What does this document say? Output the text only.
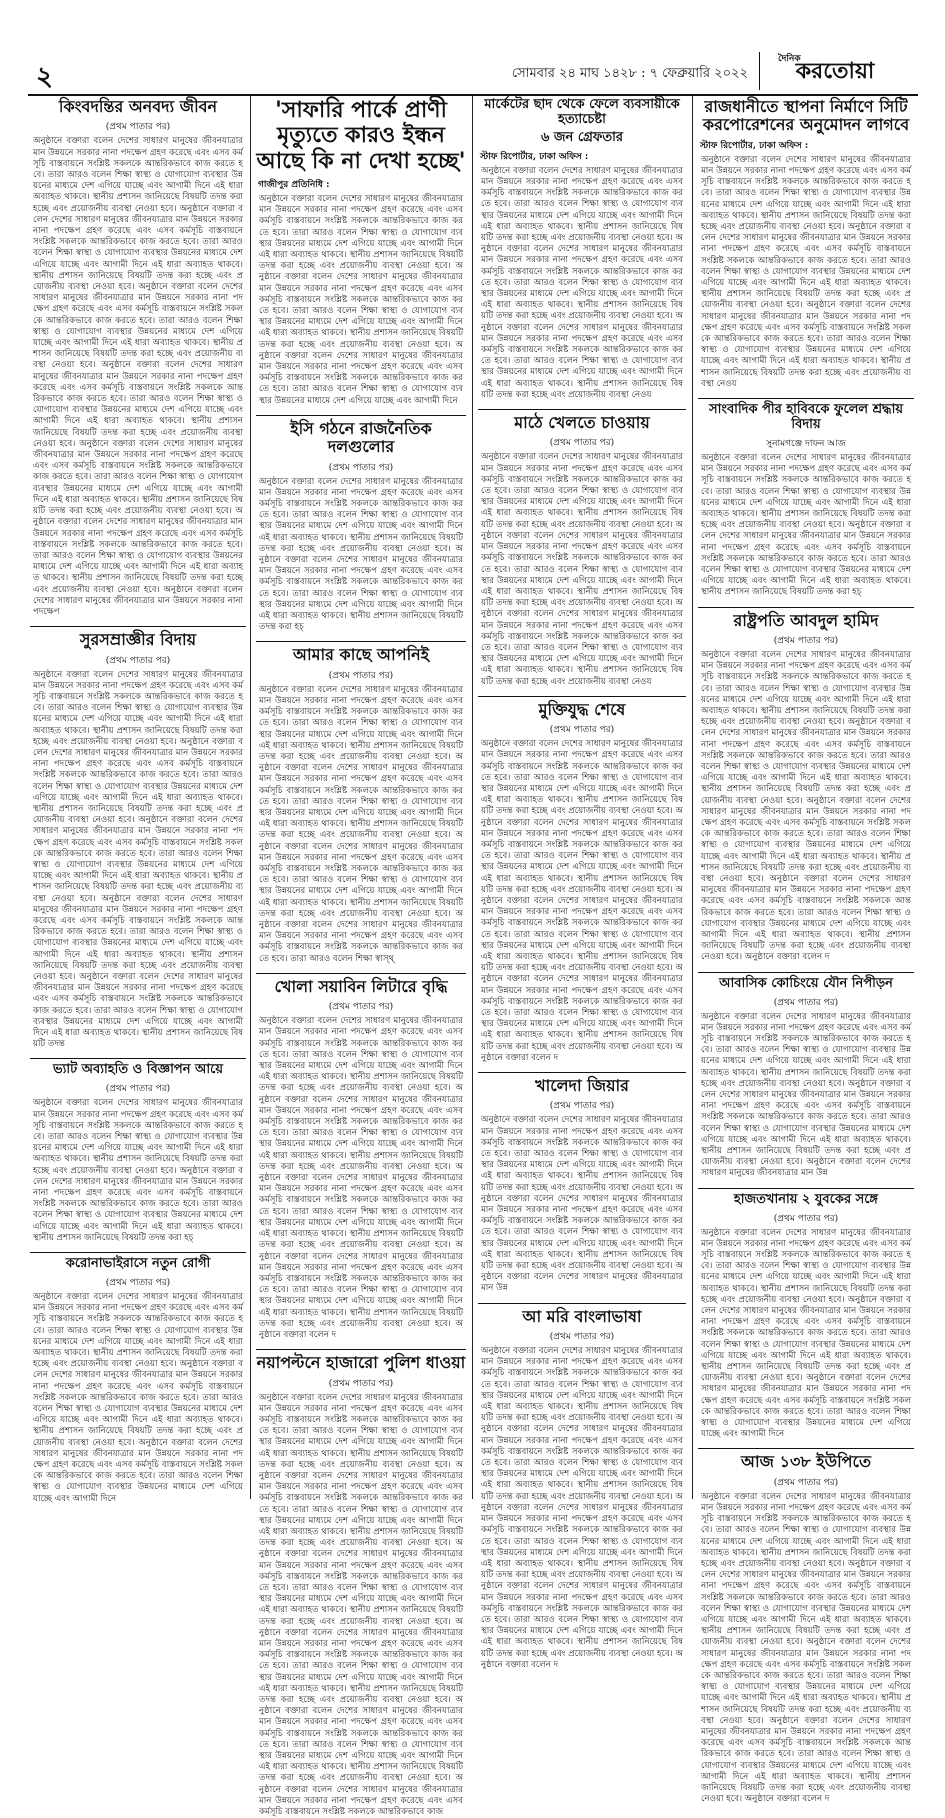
২	সোমবার ২৪ মাঘ ১৪২৮ : ৭ ফেব্রুয়ারি ২০২২
দৈনিক
করতোয়া
কিংবদন্তির অনবদ্য জীবন
(প্রথম পাতার পর)
অনুষ্ঠানে বক্তারা বলেন দেশের সাধারণ মানুষের জীবনযাত্রার মান উন্নয়নে সরকার নানা পদক্ষেপ গ্রহণ করেছে এবং এসব কর্মসূচি বাস্তবায়নে সংশ্লিষ্ট সকলকে আন্তরিকভাবে কাজ করতে হবে। তারা আরও বলেন শিক্ষা স্বাস্থ্য ও যোগাযোগ ব্যবস্থার উন্নয়নের মাধ্যমে দেশ এগিয়ে যাচ্ছে এবং আগামী দিনে এই ধারা অব্যাহত থাকবে। স্থানীয় প্রশাসন জানিয়েছে বিষয়টি তদন্ত করা হচ্ছে এবং প্রয়োজনীয় ব্যবস্থা নেওয়া হবে। অনুষ্ঠানে বক্তারা বলেন দেশের সাধারণ মানুষের জীবনযাত্রার মান উন্নয়নে সরকার নানা পদক্ষেপ গ্রহণ করেছে এবং এসব কর্মসূচি বাস্তবায়নে সংশ্লিষ্ট সকলকে আন্তরিকভাবে কাজ করতে হবে। তারা আরও বলেন শিক্ষা স্বাস্থ্য ও যোগাযোগ ব্যবস্থার উন্নয়নের মাধ্যমে দেশ এগিয়ে যাচ্ছে এবং আগামী দিনে এই ধারা অব্যাহত থাকবে। স্থানীয় প্রশাসন জানিয়েছে বিষয়টি তদন্ত করা হচ্ছে এবং প্রয়োজনীয় ব্যবস্থা নেওয়া হবে। অনুষ্ঠানে বক্তারা বলেন দেশের সাধারণ মানুষের জীবনযাত্রার মান উন্নয়নে সরকার নানা পদক্ষেপ গ্রহণ করেছে এবং এসব কর্মসূচি বাস্তবায়নে সংশ্লিষ্ট সকলকে আন্তরিকভাবে কাজ করতে হবে। তারা আরও বলেন শিক্ষা স্বাস্থ্য ও যোগাযোগ ব্যবস্থার উন্নয়নের মাধ্যমে দেশ এগিয়ে যাচ্ছে এবং আগামী দিনে এই ধারা অব্যাহত থাকবে। স্থানীয় প্রশাসন জানিয়েছে বিষয়টি তদন্ত করা হচ্ছে এবং প্রয়োজনীয় ব্যবস্থা নেওয়া হবে। অনুষ্ঠানে বক্তারা বলেন দেশের সাধারণ মানুষের জীবনযাত্রার মান উন্নয়নে সরকার নানা পদক্ষেপ গ্রহণ করেছে এবং এসব কর্মসূচি বাস্তবায়নে সংশ্লিষ্ট সকলকে আন্তরিকভাবে কাজ করতে হবে। তারা আরও বলেন শিক্ষা স্বাস্থ্য ও যোগাযোগ ব্যবস্থার উন্নয়নের মাধ্যমে দেশ এগিয়ে যাচ্ছে এবং আগামী দিনে এই ধারা অব্যাহত থাকবে। স্থানীয় প্রশাসন জানিয়েছে বিষয়টি তদন্ত করা হচ্ছে এবং প্রয়োজনীয় ব্যবস্থা নেওয়া হবে। অনুষ্ঠানে বক্তারা বলেন দেশের সাধারণ মানুষের জীবনযাত্রার মান উন্নয়নে সরকার নানা পদক্ষেপ গ্রহণ করেছে এবং এসব কর্মসূচি বাস্তবায়নে সংশ্লিষ্ট সকলকে আন্তরিকভাবে কাজ করতে হবে। তারা আরও বলেন শিক্ষা স্বাস্থ্য ও যোগাযোগ ব্যবস্থার উন্নয়নের মাধ্যমে দেশ এগিয়ে যাচ্ছে এবং আগামী দিনে এই ধারা অব্যাহত থাকবে। স্থানীয় প্রশাসন জানিয়েছে বিষয়টি তদন্ত করা হচ্ছে এবং প্রয়োজনীয় ব্যবস্থা নেওয়া হবে। অনুষ্ঠানে বক্তারা বলেন দেশের সাধারণ মানুষের জীবনযাত্রার মান উন্নয়নে সরকার নানা পদক্ষেপ গ্রহণ করেছে এবং এসব কর্মসূচি বাস্তবায়নে সংশ্লিষ্ট সকলকে আন্তরিকভাবে কাজ করতে হবে। তারা আরও বলেন শিক্ষা স্বাস্থ্য ও যোগাযোগ ব্যবস্থার উন্নয়নের মাধ্যমে দেশ এগিয়ে যাচ্ছে এবং আগামী দিনে এই ধারা অব্যাহত থাকবে। স্থানীয় প্রশাসন জানিয়েছে বিষয়টি তদন্ত করা হচ্ছে এবং প্রয়োজনীয় ব্যবস্থা নেওয়া হবে। অনুষ্ঠানে বক্তারা বলেন দেশের সাধারণ মানুষের জীবনযাত্রার মান উন্নয়নে সরকার নানা পদক্ষেপ
সুরসম্রাজ্ঞীর বিদায়
(প্রথম পাতার পর)
অনুষ্ঠানে বক্তারা বলেন দেশের সাধারণ মানুষের জীবনযাত্রার মান উন্নয়নে সরকার নানা পদক্ষেপ গ্রহণ করেছে এবং এসব কর্মসূচি বাস্তবায়নে সংশ্লিষ্ট সকলকে আন্তরিকভাবে কাজ করতে হবে। তারা আরও বলেন শিক্ষা স্বাস্থ্য ও যোগাযোগ ব্যবস্থার উন্নয়নের মাধ্যমে দেশ এগিয়ে যাচ্ছে এবং আগামী দিনে এই ধারা অব্যাহত থাকবে। স্থানীয় প্রশাসন জানিয়েছে বিষয়টি তদন্ত করা হচ্ছে এবং প্রয়োজনীয় ব্যবস্থা নেওয়া হবে। অনুষ্ঠানে বক্তারা বলেন দেশের সাধারণ মানুষের জীবনযাত্রার মান উন্নয়নে সরকার নানা পদক্ষেপ গ্রহণ করেছে এবং এসব কর্মসূচি বাস্তবায়নে সংশ্লিষ্ট সকলকে আন্তরিকভাবে কাজ করতে হবে। তারা আরও বলেন শিক্ষা স্বাস্থ্য ও যোগাযোগ ব্যবস্থার উন্নয়নের মাধ্যমে দেশ এগিয়ে যাচ্ছে এবং আগামী দিনে এই ধারা অব্যাহত থাকবে। স্থানীয় প্রশাসন জানিয়েছে বিষয়টি তদন্ত করা হচ্ছে এবং প্রয়োজনীয় ব্যবস্থা নেওয়া হবে। অনুষ্ঠানে বক্তারা বলেন দেশের সাধারণ মানুষের জীবনযাত্রার মান উন্নয়নে সরকার নানা পদক্ষেপ গ্রহণ করেছে এবং এসব কর্মসূচি বাস্তবায়নে সংশ্লিষ্ট সকলকে আন্তরিকভাবে কাজ করতে হবে। তারা আরও বলেন শিক্ষা স্বাস্থ্য ও যোগাযোগ ব্যবস্থার উন্নয়নের মাধ্যমে দেশ এগিয়ে যাচ্ছে এবং আগামী দিনে এই ধারা অব্যাহত থাকবে। স্থানীয় প্রশাসন জানিয়েছে বিষয়টি তদন্ত করা হচ্ছে এবং প্রয়োজনীয় ব্যবস্থা নেওয়া হবে। অনুষ্ঠানে বক্তারা বলেন দেশের সাধারণ মানুষের জীবনযাত্রার মান উন্নয়নে সরকার নানা পদক্ষেপ গ্রহণ করেছে এবং এসব কর্মসূচি বাস্তবায়নে সংশ্লিষ্ট সকলকে আন্তরিকভাবে কাজ করতে হবে। তারা আরও বলেন শিক্ষা স্বাস্থ্য ও যোগাযোগ ব্যবস্থার উন্নয়নের মাধ্যমে দেশ এগিয়ে যাচ্ছে এবং আগামী দিনে এই ধারা অব্যাহত থাকবে। স্থানীয় প্রশাসন জানিয়েছে বিষয়টি তদন্ত করা হচ্ছে এবং প্রয়োজনীয় ব্যবস্থা নেওয়া হবে। অনুষ্ঠানে বক্তারা বলেন দেশের সাধারণ মানুষের জীবনযাত্রার মান উন্নয়নে সরকার নানা পদক্ষেপ গ্রহণ করেছে এবং এসব কর্মসূচি বাস্তবায়নে সংশ্লিষ্ট সকলকে আন্তরিকভাবে কাজ করতে হবে। তারা আরও বলেন শিক্ষা স্বাস্থ্য ও যোগাযোগ ব্যবস্থার উন্নয়নের মাধ্যমে দেশ এগিয়ে যাচ্ছে এবং আগামী দিনে এই ধারা অব্যাহত থাকবে। স্থানীয় প্রশাসন জানিয়েছে বিষয়টি তদন্ত
ভ্যাট অব্যাহতি ও বিজ্ঞাপন আয়ে
(প্রথম পাতার পর)
অনুষ্ঠানে বক্তারা বলেন দেশের সাধারণ মানুষের জীবনযাত্রার মান উন্নয়নে সরকার নানা পদক্ষেপ গ্রহণ করেছে এবং এসব কর্মসূচি বাস্তবায়নে সংশ্লিষ্ট সকলকে আন্তরিকভাবে কাজ করতে হবে। তারা আরও বলেন শিক্ষা স্বাস্থ্য ও যোগাযোগ ব্যবস্থার উন্নয়নের মাধ্যমে দেশ এগিয়ে যাচ্ছে এবং আগামী দিনে এই ধারা অব্যাহত থাকবে। স্থানীয় প্রশাসন জানিয়েছে বিষয়টি তদন্ত করা হচ্ছে এবং প্রয়োজনীয় ব্যবস্থা নেওয়া হবে। অনুষ্ঠানে বক্তারা বলেন দেশের সাধারণ মানুষের জীবনযাত্রার মান উন্নয়নে সরকার নানা পদক্ষেপ গ্রহণ করেছে এবং এসব কর্মসূচি বাস্তবায়নে সংশ্লিষ্ট সকলকে আন্তরিকভাবে কাজ করতে হবে। তারা আরও বলেন শিক্ষা স্বাস্থ্য ও যোগাযোগ ব্যবস্থার উন্নয়নের মাধ্যমে দেশ এগিয়ে যাচ্ছে এবং আগামী দিনে এই ধারা অব্যাহত থাকবে। স্থানীয় প্রশাসন জানিয়েছে বিষয়টি তদন্ত করা হচ্
করোনাভাইরাসে নতুন রোগী
(প্রথম পাতার পর)
অনুষ্ঠানে বক্তারা বলেন দেশের সাধারণ মানুষের জীবনযাত্রার মান উন্নয়নে সরকার নানা পদক্ষেপ গ্রহণ করেছে এবং এসব কর্মসূচি বাস্তবায়নে সংশ্লিষ্ট সকলকে আন্তরিকভাবে কাজ করতে হবে। তারা আরও বলেন শিক্ষা স্বাস্থ্য ও যোগাযোগ ব্যবস্থার উন্নয়নের মাধ্যমে দেশ এগিয়ে যাচ্ছে এবং আগামী দিনে এই ধারা অব্যাহত থাকবে। স্থানীয় প্রশাসন জানিয়েছে বিষয়টি তদন্ত করা হচ্ছে এবং প্রয়োজনীয় ব্যবস্থা নেওয়া হবে। অনুষ্ঠানে বক্তারা বলেন দেশের সাধারণ মানুষের জীবনযাত্রার মান উন্নয়নে সরকার নানা পদক্ষেপ গ্রহণ করেছে এবং এসব কর্মসূচি বাস্তবায়নে সংশ্লিষ্ট সকলকে আন্তরিকভাবে কাজ করতে হবে। তারা আরও বলেন শিক্ষা স্বাস্থ্য ও যোগাযোগ ব্যবস্থার উন্নয়নের মাধ্যমে দেশ এগিয়ে যাচ্ছে এবং আগামী দিনে এই ধারা অব্যাহত থাকবে। স্থানীয় প্রশাসন জানিয়েছে বিষয়টি তদন্ত করা হচ্ছে এবং প্রয়োজনীয় ব্যবস্থা নেওয়া হবে। অনুষ্ঠানে বক্তারা বলেন দেশের সাধারণ মানুষের জীবনযাত্রার মান উন্নয়নে সরকার নানা পদক্ষেপ গ্রহণ করেছে এবং এসব কর্মসূচি বাস্তবায়নে সংশ্লিষ্ট সকলকে আন্তরিকভাবে কাজ করতে হবে। তারা আরও বলেন শিক্ষা স্বাস্থ্য ও যোগাযোগ ব্যবস্থার উন্নয়নের মাধ্যমে দেশ এগিয়ে যাচ্ছে এবং আগামী দিনে
'সাফারি পার্কে প্রাণী মৃত্যুতে কারও ইন্ধন আছে কি না দেখা হচ্ছে'
গাজীপুর প্রতিনিধি :
অনুষ্ঠানে বক্তারা বলেন দেশের সাধারণ মানুষের জীবনযাত্রার মান উন্নয়নে সরকার নানা পদক্ষেপ গ্রহণ করেছে এবং এসব কর্মসূচি বাস্তবায়নে সংশ্লিষ্ট সকলকে আন্তরিকভাবে কাজ করতে হবে। তারা আরও বলেন শিক্ষা স্বাস্থ্য ও যোগাযোগ ব্যবস্থার উন্নয়নের মাধ্যমে দেশ এগিয়ে যাচ্ছে এবং আগামী দিনে এই ধারা অব্যাহত থাকবে। স্থানীয় প্রশাসন জানিয়েছে বিষয়টি তদন্ত করা হচ্ছে এবং প্রয়োজনীয় ব্যবস্থা নেওয়া হবে। অনুষ্ঠানে বক্তারা বলেন দেশের সাধারণ মানুষের জীবনযাত্রার মান উন্নয়নে সরকার নানা পদক্ষেপ গ্রহণ করেছে এবং এসব কর্মসূচি বাস্তবায়নে সংশ্লিষ্ট সকলকে আন্তরিকভাবে কাজ করতে হবে। তারা আরও বলেন শিক্ষা স্বাস্থ্য ও যোগাযোগ ব্যবস্থার উন্নয়নের মাধ্যমে দেশ এগিয়ে যাচ্ছে এবং আগামী দিনে এই ধারা অব্যাহত থাকবে। স্থানীয় প্রশাসন জানিয়েছে বিষয়টি তদন্ত করা হচ্ছে এবং প্রয়োজনীয় ব্যবস্থা নেওয়া হবে। অনুষ্ঠানে বক্তারা বলেন দেশের সাধারণ মানুষের জীবনযাত্রার মান উন্নয়নে সরকার নানা পদক্ষেপ গ্রহণ করেছে এবং এসব কর্মসূচি বাস্তবায়নে সংশ্লিষ্ট সকলকে আন্তরিকভাবে কাজ করতে হবে। তারা আরও বলেন শিক্ষা স্বাস্থ্য ও যোগাযোগ ব্যবস্থার উন্নয়নের মাধ্যমে দেশ এগিয়ে যাচ্ছে এবং আগামী দিনে
ইসি গঠনে রাজনৈতিক দলগুলোর
(প্রথম পাতার পর)
অনুষ্ঠানে বক্তারা বলেন দেশের সাধারণ মানুষের জীবনযাত্রার মান উন্নয়নে সরকার নানা পদক্ষেপ গ্রহণ করেছে এবং এসব কর্মসূচি বাস্তবায়নে সংশ্লিষ্ট সকলকে আন্তরিকভাবে কাজ করতে হবে। তারা আরও বলেন শিক্ষা স্বাস্থ্য ও যোগাযোগ ব্যবস্থার উন্নয়নের মাধ্যমে দেশ এগিয়ে যাচ্ছে এবং আগামী দিনে এই ধারা অব্যাহত থাকবে। স্থানীয় প্রশাসন জানিয়েছে বিষয়টি তদন্ত করা হচ্ছে এবং প্রয়োজনীয় ব্যবস্থা নেওয়া হবে। অনুষ্ঠানে বক্তারা বলেন দেশের সাধারণ মানুষের জীবনযাত্রার মান উন্নয়নে সরকার নানা পদক্ষেপ গ্রহণ করেছে এবং এসব কর্মসূচি বাস্তবায়নে সংশ্লিষ্ট সকলকে আন্তরিকভাবে কাজ করতে হবে। তারা আরও বলেন শিক্ষা স্বাস্থ্য ও যোগাযোগ ব্যবস্থার উন্নয়নের মাধ্যমে দেশ এগিয়ে যাচ্ছে এবং আগামী দিনে এই ধারা অব্যাহত থাকবে। স্থানীয় প্রশাসন জানিয়েছে বিষয়টি তদন্ত করা হচ্
আমার কাছে আপনিই
(প্রথম পাতার পর)
অনুষ্ঠানে বক্তারা বলেন দেশের সাধারণ মানুষের জীবনযাত্রার মান উন্নয়নে সরকার নানা পদক্ষেপ গ্রহণ করেছে এবং এসব কর্মসূচি বাস্তবায়নে সংশ্লিষ্ট সকলকে আন্তরিকভাবে কাজ করতে হবে। তারা আরও বলেন শিক্ষা স্বাস্থ্য ও যোগাযোগ ব্যবস্থার উন্নয়নের মাধ্যমে দেশ এগিয়ে যাচ্ছে এবং আগামী দিনে এই ধারা অব্যাহত থাকবে। স্থানীয় প্রশাসন জানিয়েছে বিষয়টি তদন্ত করা হচ্ছে এবং প্রয়োজনীয় ব্যবস্থা নেওয়া হবে। অনুষ্ঠানে বক্তারা বলেন দেশের সাধারণ মানুষের জীবনযাত্রার মান উন্নয়নে সরকার নানা পদক্ষেপ গ্রহণ করেছে এবং এসব কর্মসূচি বাস্তবায়নে সংশ্লিষ্ট সকলকে আন্তরিকভাবে কাজ করতে হবে। তারা আরও বলেন শিক্ষা স্বাস্থ্য ও যোগাযোগ ব্যবস্থার উন্নয়নের মাধ্যমে দেশ এগিয়ে যাচ্ছে এবং আগামী দিনে এই ধারা অব্যাহত থাকবে। স্থানীয় প্রশাসন জানিয়েছে বিষয়টি তদন্ত করা হচ্ছে এবং প্রয়োজনীয় ব্যবস্থা নেওয়া হবে। অনুষ্ঠানে বক্তারা বলেন দেশের সাধারণ মানুষের জীবনযাত্রার মান উন্নয়নে সরকার নানা পদক্ষেপ গ্রহণ করেছে এবং এসব কর্মসূচি বাস্তবায়নে সংশ্লিষ্ট সকলকে আন্তরিকভাবে কাজ করতে হবে। তারা আরও বলেন শিক্ষা স্বাস্থ্য ও যোগাযোগ ব্যবস্থার উন্নয়নের মাধ্যমে দেশ এগিয়ে যাচ্ছে এবং আগামী দিনে এই ধারা অব্যাহত থাকবে। স্থানীয় প্রশাসন জানিয়েছে বিষয়টি তদন্ত করা হচ্ছে এবং প্রয়োজনীয় ব্যবস্থা নেওয়া হবে। অনুষ্ঠানে বক্তারা বলেন দেশের সাধারণ মানুষের জীবনযাত্রার মান উন্নয়নে সরকার নানা পদক্ষেপ গ্রহণ করেছে এবং এসব কর্মসূচি বাস্তবায়নে সংশ্লিষ্ট সকলকে আন্তরিকভাবে কাজ করতে হবে। তারা আরও বলেন শিক্ষা স্বাস্থ্
খোলা সয়াবিন লিটারে বৃদ্ধি
(প্রথম পাতার পর)
অনুষ্ঠানে বক্তারা বলেন দেশের সাধারণ মানুষের জীবনযাত্রার মান উন্নয়নে সরকার নানা পদক্ষেপ গ্রহণ করেছে এবং এসব কর্মসূচি বাস্তবায়নে সংশ্লিষ্ট সকলকে আন্তরিকভাবে কাজ করতে হবে। তারা আরও বলেন শিক্ষা স্বাস্থ্য ও যোগাযোগ ব্যবস্থার উন্নয়নের মাধ্যমে দেশ এগিয়ে যাচ্ছে এবং আগামী দিনে এই ধারা অব্যাহত থাকবে। স্থানীয় প্রশাসন জানিয়েছে বিষয়টি তদন্ত করা হচ্ছে এবং প্রয়োজনীয় ব্যবস্থা নেওয়া হবে। অনুষ্ঠানে বক্তারা বলেন দেশের সাধারণ মানুষের জীবনযাত্রার মান উন্নয়নে সরকার নানা পদক্ষেপ গ্রহণ করেছে এবং এসব কর্মসূচি বাস্তবায়নে সংশ্লিষ্ট সকলকে আন্তরিকভাবে কাজ করতে হবে। তারা আরও বলেন শিক্ষা স্বাস্থ্য ও যোগাযোগ ব্যবস্থার উন্নয়নের মাধ্যমে দেশ এগিয়ে যাচ্ছে এবং আগামী দিনে এই ধারা অব্যাহত থাকবে। স্থানীয় প্রশাসন জানিয়েছে বিষয়টি তদন্ত করা হচ্ছে এবং প্রয়োজনীয় ব্যবস্থা নেওয়া হবে। অনুষ্ঠানে বক্তারা বলেন দেশের সাধারণ মানুষের জীবনযাত্রার মান উন্নয়নে সরকার নানা পদক্ষেপ গ্রহণ করেছে এবং এসব কর্মসূচি বাস্তবায়নে সংশ্লিষ্ট সকলকে আন্তরিকভাবে কাজ করতে হবে। তারা আরও বলেন শিক্ষা স্বাস্থ্য ও যোগাযোগ ব্যবস্থার উন্নয়নের মাধ্যমে দেশ এগিয়ে যাচ্ছে এবং আগামী দিনে এই ধারা অব্যাহত থাকবে। স্থানীয় প্রশাসন জানিয়েছে বিষয়টি তদন্ত করা হচ্ছে এবং প্রয়োজনীয় ব্যবস্থা নেওয়া হবে। অনুষ্ঠানে বক্তারা বলেন দেশের সাধারণ মানুষের জীবনযাত্রার মান উন্নয়নে সরকার নানা পদক্ষেপ গ্রহণ করেছে এবং এসব কর্মসূচি বাস্তবায়নে সংশ্লিষ্ট সকলকে আন্তরিকভাবে কাজ করতে হবে। তারা আরও বলেন শিক্ষা স্বাস্থ্য ও যোগাযোগ ব্যবস্থার উন্নয়নের মাধ্যমে দেশ এগিয়ে যাচ্ছে এবং আগামী দিনে এই ধারা অব্যাহত থাকবে। স্থানীয় প্রশাসন জানিয়েছে বিষয়টি তদন্ত করা হচ্ছে এবং প্রয়োজনীয় ব্যবস্থা নেওয়া হবে। অনুষ্ঠানে বক্তারা বলেন দ
নয়াপল্টনে হাজারো পুলিশ ধাওয়া
(প্রথম পাতার পর)
অনুষ্ঠানে বক্তারা বলেন দেশের সাধারণ মানুষের জীবনযাত্রার মান উন্নয়নে সরকার নানা পদক্ষেপ গ্রহণ করেছে এবং এসব কর্মসূচি বাস্তবায়নে সংশ্লিষ্ট সকলকে আন্তরিকভাবে কাজ করতে হবে। তারা আরও বলেন শিক্ষা স্বাস্থ্য ও যোগাযোগ ব্যবস্থার উন্নয়নের মাধ্যমে দেশ এগিয়ে যাচ্ছে এবং আগামী দিনে এই ধারা অব্যাহত থাকবে। স্থানীয় প্রশাসন জানিয়েছে বিষয়টি তদন্ত করা হচ্ছে এবং প্রয়োজনীয় ব্যবস্থা নেওয়া হবে। অনুষ্ঠানে বক্তারা বলেন দেশের সাধারণ মানুষের জীবনযাত্রার মান উন্নয়নে সরকার নানা পদক্ষেপ গ্রহণ করেছে এবং এসব কর্মসূচি বাস্তবায়নে সংশ্লিষ্ট সকলকে আন্তরিকভাবে কাজ করতে হবে। তারা আরও বলেন শিক্ষা স্বাস্থ্য ও যোগাযোগ ব্যবস্থার উন্নয়নের মাধ্যমে দেশ এগিয়ে যাচ্ছে এবং আগামী দিনে এই ধারা অব্যাহত থাকবে। স্থানীয় প্রশাসন জানিয়েছে বিষয়টি তদন্ত করা হচ্ছে এবং প্রয়োজনীয় ব্যবস্থা নেওয়া হবে। অনুষ্ঠানে বক্তারা বলেন দেশের সাধারণ মানুষের জীবনযাত্রার মান উন্নয়নে সরকার নানা পদক্ষেপ গ্রহণ করেছে এবং এসব কর্মসূচি বাস্তবায়নে সংশ্লিষ্ট সকলকে আন্তরিকভাবে কাজ করতে হবে। তারা আরও বলেন শিক্ষা স্বাস্থ্য ও যোগাযোগ ব্যবস্থার উন্নয়নের মাধ্যমে দেশ এগিয়ে যাচ্ছে এবং আগামী দিনে এই ধারা অব্যাহত থাকবে। স্থানীয় প্রশাসন জানিয়েছে বিষয়টি তদন্ত করা হচ্ছে এবং প্রয়োজনীয় ব্যবস্থা নেওয়া হবে। অনুষ্ঠানে বক্তারা বলেন দেশের সাধারণ মানুষের জীবনযাত্রার মান উন্নয়নে সরকার নানা পদক্ষেপ গ্রহণ করেছে এবং এসব কর্মসূচি বাস্তবায়নে সংশ্লিষ্ট সকলকে আন্তরিকভাবে কাজ করতে হবে। তারা আরও বলেন শিক্ষা স্বাস্থ্য ও যোগাযোগ ব্যবস্থার উন্নয়নের মাধ্যমে দেশ এগিয়ে যাচ্ছে এবং আগামী দিনে এই ধারা অব্যাহত থাকবে। স্থানীয় প্রশাসন জানিয়েছে বিষয়টি তদন্ত করা হচ্ছে এবং প্রয়োজনীয় ব্যবস্থা নেওয়া হবে। অনুষ্ঠানে বক্তারা বলেন দেশের সাধারণ মানুষের জীবনযাত্রার মান উন্নয়নে সরকার নানা পদক্ষেপ গ্রহণ করেছে এবং এসব কর্মসূচি বাস্তবায়নে সংশ্লিষ্ট সকলকে আন্তরিকভাবে কাজ করতে হবে। তারা আরও বলেন শিক্ষা স্বাস্থ্য ও যোগাযোগ ব্যবস্থার উন্নয়নের মাধ্যমে দেশ এগিয়ে যাচ্ছে এবং আগামী দিনে এই ধারা অব্যাহত থাকবে। স্থানীয় প্রশাসন জানিয়েছে বিষয়টি তদন্ত করা হচ্ছে এবং প্রয়োজনীয় ব্যবস্থা নেওয়া হবে। অনুষ্ঠানে বক্তারা বলেন দেশের সাধারণ মানুষের জীবনযাত্রার মান উন্নয়নে সরকার নানা পদক্ষেপ গ্রহণ করেছে এবং এসব কর্মসূচি বাস্তবায়নে সংশ্লিষ্ট সকলকে আন্তরিকভাবে কাজ
মার্কেটের ছাদ থেকে ফেলে ব্যবসায়ীকে হত্যাচেষ্টা
৬ জন গ্রেফতার
স্টাফ রিপোর্টার, ঢাকা অফিস :
অনুষ্ঠানে বক্তারা বলেন দেশের সাধারণ মানুষের জীবনযাত্রার মান উন্নয়নে সরকার নানা পদক্ষেপ গ্রহণ করেছে এবং এসব কর্মসূচি বাস্তবায়নে সংশ্লিষ্ট সকলকে আন্তরিকভাবে কাজ করতে হবে। তারা আরও বলেন শিক্ষা স্বাস্থ্য ও যোগাযোগ ব্যবস্থার উন্নয়নের মাধ্যমে দেশ এগিয়ে যাচ্ছে এবং আগামী দিনে এই ধারা অব্যাহত থাকবে। স্থানীয় প্রশাসন জানিয়েছে বিষয়টি তদন্ত করা হচ্ছে এবং প্রয়োজনীয় ব্যবস্থা নেওয়া হবে। অনুষ্ঠানে বক্তারা বলেন দেশের সাধারণ মানুষের জীবনযাত্রার মান উন্নয়নে সরকার নানা পদক্ষেপ গ্রহণ করেছে এবং এসব কর্মসূচি বাস্তবায়নে সংশ্লিষ্ট সকলকে আন্তরিকভাবে কাজ করতে হবে। তারা আরও বলেন শিক্ষা স্বাস্থ্য ও যোগাযোগ ব্যবস্থার উন্নয়নের মাধ্যমে দেশ এগিয়ে যাচ্ছে এবং আগামী দিনে এই ধারা অব্যাহত থাকবে। স্থানীয় প্রশাসন জানিয়েছে বিষয়টি তদন্ত করা হচ্ছে এবং প্রয়োজনীয় ব্যবস্থা নেওয়া হবে। অনুষ্ঠানে বক্তারা বলেন দেশের সাধারণ মানুষের জীবনযাত্রার মান উন্নয়নে সরকার নানা পদক্ষেপ গ্রহণ করেছে এবং এসব কর্মসূচি বাস্তবায়নে সংশ্লিষ্ট সকলকে আন্তরিকভাবে কাজ করতে হবে। তারা আরও বলেন শিক্ষা স্বাস্থ্য ও যোগাযোগ ব্যবস্থার উন্নয়নের মাধ্যমে দেশ এগিয়ে যাচ্ছে এবং আগামী দিনে এই ধারা অব্যাহত থাকবে। স্থানীয় প্রশাসন জানিয়েছে বিষয়টি তদন্ত করা হচ্ছে এবং প্রয়োজনীয় ব্যবস্থা নেওয
মাঠে খেলতে চাওয়ায়
(প্রথম পাতার পর)
অনুষ্ঠানে বক্তারা বলেন দেশের সাধারণ মানুষের জীবনযাত্রার মান উন্নয়নে সরকার নানা পদক্ষেপ গ্রহণ করেছে এবং এসব কর্মসূচি বাস্তবায়নে সংশ্লিষ্ট সকলকে আন্তরিকভাবে কাজ করতে হবে। তারা আরও বলেন শিক্ষা স্বাস্থ্য ও যোগাযোগ ব্যবস্থার উন্নয়নের মাধ্যমে দেশ এগিয়ে যাচ্ছে এবং আগামী দিনে এই ধারা অব্যাহত থাকবে। স্থানীয় প্রশাসন জানিয়েছে বিষয়টি তদন্ত করা হচ্ছে এবং প্রয়োজনীয় ব্যবস্থা নেওয়া হবে। অনুষ্ঠানে বক্তারা বলেন দেশের সাধারণ মানুষের জীবনযাত্রার মান উন্নয়নে সরকার নানা পদক্ষেপ গ্রহণ করেছে এবং এসব কর্মসূচি বাস্তবায়নে সংশ্লিষ্ট সকলকে আন্তরিকভাবে কাজ করতে হবে। তারা আরও বলেন শিক্ষা স্বাস্থ্য ও যোগাযোগ ব্যবস্থার উন্নয়নের মাধ্যমে দেশ এগিয়ে যাচ্ছে এবং আগামী দিনে এই ধারা অব্যাহত থাকবে। স্থানীয় প্রশাসন জানিয়েছে বিষয়টি তদন্ত করা হচ্ছে এবং প্রয়োজনীয় ব্যবস্থা নেওয়া হবে। অনুষ্ঠানে বক্তারা বলেন দেশের সাধারণ মানুষের জীবনযাত্রার মান উন্নয়নে সরকার নানা পদক্ষেপ গ্রহণ করেছে এবং এসব কর্মসূচি বাস্তবায়নে সংশ্লিষ্ট সকলকে আন্তরিকভাবে কাজ করতে হবে। তারা আরও বলেন শিক্ষা স্বাস্থ্য ও যোগাযোগ ব্যবস্থার উন্নয়নের মাধ্যমে দেশ এগিয়ে যাচ্ছে এবং আগামী দিনে এই ধারা অব্যাহত থাকবে। স্থানীয় প্রশাসন জানিয়েছে বিষয়টি তদন্ত করা হচ্ছে এবং প্রয়োজনীয় ব্যবস্থা নেওয
মুক্তিযুদ্ধ শেষে
(প্রথম পাতার পর)
অনুষ্ঠানে বক্তারা বলেন দেশের সাধারণ মানুষের জীবনযাত্রার মান উন্নয়নে সরকার নানা পদক্ষেপ গ্রহণ করেছে এবং এসব কর্মসূচি বাস্তবায়নে সংশ্লিষ্ট সকলকে আন্তরিকভাবে কাজ করতে হবে। তারা আরও বলেন শিক্ষা স্বাস্থ্য ও যোগাযোগ ব্যবস্থার উন্নয়নের মাধ্যমে দেশ এগিয়ে যাচ্ছে এবং আগামী দিনে এই ধারা অব্যাহত থাকবে। স্থানীয় প্রশাসন জানিয়েছে বিষয়টি তদন্ত করা হচ্ছে এবং প্রয়োজনীয় ব্যবস্থা নেওয়া হবে। অনুষ্ঠানে বক্তারা বলেন দেশের সাধারণ মানুষের জীবনযাত্রার মান উন্নয়নে সরকার নানা পদক্ষেপ গ্রহণ করেছে এবং এসব কর্মসূচি বাস্তবায়নে সংশ্লিষ্ট সকলকে আন্তরিকভাবে কাজ করতে হবে। তারা আরও বলেন শিক্ষা স্বাস্থ্য ও যোগাযোগ ব্যবস্থার উন্নয়নের মাধ্যমে দেশ এগিয়ে যাচ্ছে এবং আগামী দিনে এই ধারা অব্যাহত থাকবে। স্থানীয় প্রশাসন জানিয়েছে বিষয়টি তদন্ত করা হচ্ছে এবং প্রয়োজনীয় ব্যবস্থা নেওয়া হবে। অনুষ্ঠানে বক্তারা বলেন দেশের সাধারণ মানুষের জীবনযাত্রার মান উন্নয়নে সরকার নানা পদক্ষেপ গ্রহণ করেছে এবং এসব কর্মসূচি বাস্তবায়নে সংশ্লিষ্ট সকলকে আন্তরিকভাবে কাজ করতে হবে। তারা আরও বলেন শিক্ষা স্বাস্থ্য ও যোগাযোগ ব্যবস্থার উন্নয়নের মাধ্যমে দেশ এগিয়ে যাচ্ছে এবং আগামী দিনে এই ধারা অব্যাহত থাকবে। স্থানীয় প্রশাসন জানিয়েছে বিষয়টি তদন্ত করা হচ্ছে এবং প্রয়োজনীয় ব্যবস্থা নেওয়া হবে। অনুষ্ঠানে বক্তারা বলেন দেশের সাধারণ মানুষের জীবনযাত্রার মান উন্নয়নে সরকার নানা পদক্ষেপ গ্রহণ করেছে এবং এসব কর্মসূচি বাস্তবায়নে সংশ্লিষ্ট সকলকে আন্তরিকভাবে কাজ করতে হবে। তারা আরও বলেন শিক্ষা স্বাস্থ্য ও যোগাযোগ ব্যবস্থার উন্নয়নের মাধ্যমে দেশ এগিয়ে যাচ্ছে এবং আগামী দিনে এই ধারা অব্যাহত থাকবে। স্থানীয় প্রশাসন জানিয়েছে বিষয়টি তদন্ত করা হচ্ছে এবং প্রয়োজনীয় ব্যবস্থা নেওয়া হবে। অনুষ্ঠানে বক্তারা বলেন দ
খালেদা জিয়ার
(প্রথম পাতার পর)
অনুষ্ঠানে বক্তারা বলেন দেশের সাধারণ মানুষের জীবনযাত্রার মান উন্নয়নে সরকার নানা পদক্ষেপ গ্রহণ করেছে এবং এসব কর্মসূচি বাস্তবায়নে সংশ্লিষ্ট সকলকে আন্তরিকভাবে কাজ করতে হবে। তারা আরও বলেন শিক্ষা স্বাস্থ্য ও যোগাযোগ ব্যবস্থার উন্নয়নের মাধ্যমে দেশ এগিয়ে যাচ্ছে এবং আগামী দিনে এই ধারা অব্যাহত থাকবে। স্থানীয় প্রশাসন জানিয়েছে বিষয়টি তদন্ত করা হচ্ছে এবং প্রয়োজনীয় ব্যবস্থা নেওয়া হবে। অনুষ্ঠানে বক্তারা বলেন দেশের সাধারণ মানুষের জীবনযাত্রার মান উন্নয়নে সরকার নানা পদক্ষেপ গ্রহণ করেছে এবং এসব কর্মসূচি বাস্তবায়নে সংশ্লিষ্ট সকলকে আন্তরিকভাবে কাজ করতে হবে। তারা আরও বলেন শিক্ষা স্বাস্থ্য ও যোগাযোগ ব্যবস্থার উন্নয়নের মাধ্যমে দেশ এগিয়ে যাচ্ছে এবং আগামী দিনে এই ধারা অব্যাহত থাকবে। স্থানীয় প্রশাসন জানিয়েছে বিষয়টি তদন্ত করা হচ্ছে এবং প্রয়োজনীয় ব্যবস্থা নেওয়া হবে। অনুষ্ঠানে বক্তারা বলেন দেশের সাধারণ মানুষের জীবনযাত্রার মান উন্ন
আ মরি বাংলাভাষা
(প্রথম পাতার পর)
অনুষ্ঠানে বক্তারা বলেন দেশের সাধারণ মানুষের জীবনযাত্রার মান উন্নয়নে সরকার নানা পদক্ষেপ গ্রহণ করেছে এবং এসব কর্মসূচি বাস্তবায়নে সংশ্লিষ্ট সকলকে আন্তরিকভাবে কাজ করতে হবে। তারা আরও বলেন শিক্ষা স্বাস্থ্য ও যোগাযোগ ব্যবস্থার উন্নয়নের মাধ্যমে দেশ এগিয়ে যাচ্ছে এবং আগামী দিনে এই ধারা অব্যাহত থাকবে। স্থানীয় প্রশাসন জানিয়েছে বিষয়টি তদন্ত করা হচ্ছে এবং প্রয়োজনীয় ব্যবস্থা নেওয়া হবে। অনুষ্ঠানে বক্তারা বলেন দেশের সাধারণ মানুষের জীবনযাত্রার মান উন্নয়নে সরকার নানা পদক্ষেপ গ্রহণ করেছে এবং এসব কর্মসূচি বাস্তবায়নে সংশ্লিষ্ট সকলকে আন্তরিকভাবে কাজ করতে হবে। তারা আরও বলেন শিক্ষা স্বাস্থ্য ও যোগাযোগ ব্যবস্থার উন্নয়নের মাধ্যমে দেশ এগিয়ে যাচ্ছে এবং আগামী দিনে এই ধারা অব্যাহত থাকবে। স্থানীয় প্রশাসন জানিয়েছে বিষয়টি তদন্ত করা হচ্ছে এবং প্রয়োজনীয় ব্যবস্থা নেওয়া হবে। অনুষ্ঠানে বক্তারা বলেন দেশের সাধারণ মানুষের জীবনযাত্রার মান উন্নয়নে সরকার নানা পদক্ষেপ গ্রহণ করেছে এবং এসব কর্মসূচি বাস্তবায়নে সংশ্লিষ্ট সকলকে আন্তরিকভাবে কাজ করতে হবে। তারা আরও বলেন শিক্ষা স্বাস্থ্য ও যোগাযোগ ব্যবস্থার উন্নয়নের মাধ্যমে দেশ এগিয়ে যাচ্ছে এবং আগামী দিনে এই ধারা অব্যাহত থাকবে। স্থানীয় প্রশাসন জানিয়েছে বিষয়টি তদন্ত করা হচ্ছে এবং প্রয়োজনীয় ব্যবস্থা নেওয়া হবে। অনুষ্ঠানে বক্তারা বলেন দেশের সাধারণ মানুষের জীবনযাত্রার মান উন্নয়নে সরকার নানা পদক্ষেপ গ্রহণ করেছে এবং এসব কর্মসূচি বাস্তবায়নে সংশ্লিষ্ট সকলকে আন্তরিকভাবে কাজ করতে হবে। তারা আরও বলেন শিক্ষা স্বাস্থ্য ও যোগাযোগ ব্যবস্থার উন্নয়নের মাধ্যমে দেশ এগিয়ে যাচ্ছে এবং আগামী দিনে এই ধারা অব্যাহত থাকবে। স্থানীয় প্রশাসন জানিয়েছে বিষয়টি তদন্ত করা হচ্ছে এবং প্রয়োজনীয় ব্যবস্থা নেওয়া হবে। অনুষ্ঠানে বক্তারা বলেন দ
রাজধানীতে স্থাপনা নির্মাণে সিটি করপোরেশনের অনুমোদন লাগবে
স্টাফ রিপোর্টার, ঢাকা অফিস :
অনুষ্ঠানে বক্তারা বলেন দেশের সাধারণ মানুষের জীবনযাত্রার মান উন্নয়নে সরকার নানা পদক্ষেপ গ্রহণ করেছে এবং এসব কর্মসূচি বাস্তবায়নে সংশ্লিষ্ট সকলকে আন্তরিকভাবে কাজ করতে হবে। তারা আরও বলেন শিক্ষা স্বাস্থ্য ও যোগাযোগ ব্যবস্থার উন্নয়নের মাধ্যমে দেশ এগিয়ে যাচ্ছে এবং আগামী দিনে এই ধারা অব্যাহত থাকবে। স্থানীয় প্রশাসন জানিয়েছে বিষয়টি তদন্ত করা হচ্ছে এবং প্রয়োজনীয় ব্যবস্থা নেওয়া হবে। অনুষ্ঠানে বক্তারা বলেন দেশের সাধারণ মানুষের জীবনযাত্রার মান উন্নয়নে সরকার নানা পদক্ষেপ গ্রহণ করেছে এবং এসব কর্মসূচি বাস্তবায়নে সংশ্লিষ্ট সকলকে আন্তরিকভাবে কাজ করতে হবে। তারা আরও বলেন শিক্ষা স্বাস্থ্য ও যোগাযোগ ব্যবস্থার উন্নয়নের মাধ্যমে দেশ এগিয়ে যাচ্ছে এবং আগামী দিনে এই ধারা অব্যাহত থাকবে। স্থানীয় প্রশাসন জানিয়েছে বিষয়টি তদন্ত করা হচ্ছে এবং প্রয়োজনীয় ব্যবস্থা নেওয়া হবে। অনুষ্ঠানে বক্তারা বলেন দেশের সাধারণ মানুষের জীবনযাত্রার মান উন্নয়নে সরকার নানা পদক্ষেপ গ্রহণ করেছে এবং এসব কর্মসূচি বাস্তবায়নে সংশ্লিষ্ট সকলকে আন্তরিকভাবে কাজ করতে হবে। তারা আরও বলেন শিক্ষা স্বাস্থ্য ও যোগাযোগ ব্যবস্থার উন্নয়নের মাধ্যমে দেশ এগিয়ে যাচ্ছে এবং আগামী দিনে এই ধারা অব্যাহত থাকবে। স্থানীয় প্রশাসন জানিয়েছে বিষয়টি তদন্ত করা হচ্ছে এবং প্রয়োজনীয় ব্যবস্থা নেওয
সাংবাদিক পীর হাবিবকে ফুলেল শ্রদ্ধায় বিদায়
সুনামগঞ্জে দাফন আজ
অনুষ্ঠানে বক্তারা বলেন দেশের সাধারণ মানুষের জীবনযাত্রার মান উন্নয়নে সরকার নানা পদক্ষেপ গ্রহণ করেছে এবং এসব কর্মসূচি বাস্তবায়নে সংশ্লিষ্ট সকলকে আন্তরিকভাবে কাজ করতে হবে। তারা আরও বলেন শিক্ষা স্বাস্থ্য ও যোগাযোগ ব্যবস্থার উন্নয়নের মাধ্যমে দেশ এগিয়ে যাচ্ছে এবং আগামী দিনে এই ধারা অব্যাহত থাকবে। স্থানীয় প্রশাসন জানিয়েছে বিষয়টি তদন্ত করা হচ্ছে এবং প্রয়োজনীয় ব্যবস্থা নেওয়া হবে। অনুষ্ঠানে বক্তারা বলেন দেশের সাধারণ মানুষের জীবনযাত্রার মান উন্নয়নে সরকার নানা পদক্ষেপ গ্রহণ করেছে এবং এসব কর্মসূচি বাস্তবায়নে সংশ্লিষ্ট সকলকে আন্তরিকভাবে কাজ করতে হবে। তারা আরও বলেন শিক্ষা স্বাস্থ্য ও যোগাযোগ ব্যবস্থার উন্নয়নের মাধ্যমে দেশ এগিয়ে যাচ্ছে এবং আগামী দিনে এই ধারা অব্যাহত থাকবে। স্থানীয় প্রশাসন জানিয়েছে বিষয়টি তদন্ত করা হচ্
রাষ্ট্রপতি আবদুল হামিদ
(প্রথম পাতার পর)
অনুষ্ঠানে বক্তারা বলেন দেশের সাধারণ মানুষের জীবনযাত্রার মান উন্নয়নে সরকার নানা পদক্ষেপ গ্রহণ করেছে এবং এসব কর্মসূচি বাস্তবায়নে সংশ্লিষ্ট সকলকে আন্তরিকভাবে কাজ করতে হবে। তারা আরও বলেন শিক্ষা স্বাস্থ্য ও যোগাযোগ ব্যবস্থার উন্নয়নের মাধ্যমে দেশ এগিয়ে যাচ্ছে এবং আগামী দিনে এই ধারা অব্যাহত থাকবে। স্থানীয় প্রশাসন জানিয়েছে বিষয়টি তদন্ত করা হচ্ছে এবং প্রয়োজনীয় ব্যবস্থা নেওয়া হবে। অনুষ্ঠানে বক্তারা বলেন দেশের সাধারণ মানুষের জীবনযাত্রার মান উন্নয়নে সরকার নানা পদক্ষেপ গ্রহণ করেছে এবং এসব কর্মসূচি বাস্তবায়নে সংশ্লিষ্ট সকলকে আন্তরিকভাবে কাজ করতে হবে। তারা আরও বলেন শিক্ষা স্বাস্থ্য ও যোগাযোগ ব্যবস্থার উন্নয়নের মাধ্যমে দেশ এগিয়ে যাচ্ছে এবং আগামী দিনে এই ধারা অব্যাহত থাকবে। স্থানীয় প্রশাসন জানিয়েছে বিষয়টি তদন্ত করা হচ্ছে এবং প্রয়োজনীয় ব্যবস্থা নেওয়া হবে। অনুষ্ঠানে বক্তারা বলেন দেশের সাধারণ মানুষের জীবনযাত্রার মান উন্নয়নে সরকার নানা পদক্ষেপ গ্রহণ করেছে এবং এসব কর্মসূচি বাস্তবায়নে সংশ্লিষ্ট সকলকে আন্তরিকভাবে কাজ করতে হবে। তারা আরও বলেন শিক্ষা স্বাস্থ্য ও যোগাযোগ ব্যবস্থার উন্নয়নের মাধ্যমে দেশ এগিয়ে যাচ্ছে এবং আগামী দিনে এই ধারা অব্যাহত থাকবে। স্থানীয় প্রশাসন জানিয়েছে বিষয়টি তদন্ত করা হচ্ছে এবং প্রয়োজনীয় ব্যবস্থা নেওয়া হবে। অনুষ্ঠানে বক্তারা বলেন দেশের সাধারণ মানুষের জীবনযাত্রার মান উন্নয়নে সরকার নানা পদক্ষেপ গ্রহণ করেছে এবং এসব কর্মসূচি বাস্তবায়নে সংশ্লিষ্ট সকলকে আন্তরিকভাবে কাজ করতে হবে। তারা আরও বলেন শিক্ষা স্বাস্থ্য ও যোগাযোগ ব্যবস্থার উন্নয়নের মাধ্যমে দেশ এগিয়ে যাচ্ছে এবং আগামী দিনে এই ধারা অব্যাহত থাকবে। স্থানীয় প্রশাসন জানিয়েছে বিষয়টি তদন্ত করা হচ্ছে এবং প্রয়োজনীয় ব্যবস্থা নেওয়া হবে। অনুষ্ঠানে বক্তারা বলেন দ
আবাসিক কোচিংয়ে যৌন নিপীড়ন
(প্রথম পাতার পর)
অনুষ্ঠানে বক্তারা বলেন দেশের সাধারণ মানুষের জীবনযাত্রার মান উন্নয়নে সরকার নানা পদক্ষেপ গ্রহণ করেছে এবং এসব কর্মসূচি বাস্তবায়নে সংশ্লিষ্ট সকলকে আন্তরিকভাবে কাজ করতে হবে। তারা আরও বলেন শিক্ষা স্বাস্থ্য ও যোগাযোগ ব্যবস্থার উন্নয়নের মাধ্যমে দেশ এগিয়ে যাচ্ছে এবং আগামী দিনে এই ধারা অব্যাহত থাকবে। স্থানীয় প্রশাসন জানিয়েছে বিষয়টি তদন্ত করা হচ্ছে এবং প্রয়োজনীয় ব্যবস্থা নেওয়া হবে। অনুষ্ঠানে বক্তারা বলেন দেশের সাধারণ মানুষের জীবনযাত্রার মান উন্নয়নে সরকার নানা পদক্ষেপ গ্রহণ করেছে এবং এসব কর্মসূচি বাস্তবায়নে সংশ্লিষ্ট সকলকে আন্তরিকভাবে কাজ করতে হবে। তারা আরও বলেন শিক্ষা স্বাস্থ্য ও যোগাযোগ ব্যবস্থার উন্নয়নের মাধ্যমে দেশ এগিয়ে যাচ্ছে এবং আগামী দিনে এই ধারা অব্যাহত থাকবে। স্থানীয় প্রশাসন জানিয়েছে বিষয়টি তদন্ত করা হচ্ছে এবং প্রয়োজনীয় ব্যবস্থা নেওয়া হবে। অনুষ্ঠানে বক্তারা বলেন দেশের সাধারণ মানুষের জীবনযাত্রার মান উন্ন
হাজতখানায় ২ যুবকের সঙ্গে
(প্রথম পাতার পর)
অনুষ্ঠানে বক্তারা বলেন দেশের সাধারণ মানুষের জীবনযাত্রার মান উন্নয়নে সরকার নানা পদক্ষেপ গ্রহণ করেছে এবং এসব কর্মসূচি বাস্তবায়নে সংশ্লিষ্ট সকলকে আন্তরিকভাবে কাজ করতে হবে। তারা আরও বলেন শিক্ষা স্বাস্থ্য ও যোগাযোগ ব্যবস্থার উন্নয়নের মাধ্যমে দেশ এগিয়ে যাচ্ছে এবং আগামী দিনে এই ধারা অব্যাহত থাকবে। স্থানীয় প্রশাসন জানিয়েছে বিষয়টি তদন্ত করা হচ্ছে এবং প্রয়োজনীয় ব্যবস্থা নেওয়া হবে। অনুষ্ঠানে বক্তারা বলেন দেশের সাধারণ মানুষের জীবনযাত্রার মান উন্নয়নে সরকার নানা পদক্ষেপ গ্রহণ করেছে এবং এসব কর্মসূচি বাস্তবায়নে সংশ্লিষ্ট সকলকে আন্তরিকভাবে কাজ করতে হবে। তারা আরও বলেন শিক্ষা স্বাস্থ্য ও যোগাযোগ ব্যবস্থার উন্নয়নের মাধ্যমে দেশ এগিয়ে যাচ্ছে এবং আগামী দিনে এই ধারা অব্যাহত থাকবে। স্থানীয় প্রশাসন জানিয়েছে বিষয়টি তদন্ত করা হচ্ছে এবং প্রয়োজনীয় ব্যবস্থা নেওয়া হবে। অনুষ্ঠানে বক্তারা বলেন দেশের সাধারণ মানুষের জীবনযাত্রার মান উন্নয়নে সরকার নানা পদক্ষেপ গ্রহণ করেছে এবং এসব কর্মসূচি বাস্তবায়নে সংশ্লিষ্ট সকলকে আন্তরিকভাবে কাজ করতে হবে। তারা আরও বলেন শিক্ষা স্বাস্থ্য ও যোগাযোগ ব্যবস্থার উন্নয়নের মাধ্যমে দেশ এগিয়ে যাচ্ছে এবং আগামী দিনে
আজ ১৩৮ ইউপিতে
(প্রথম পাতার পর)
অনুষ্ঠানে বক্তারা বলেন দেশের সাধারণ মানুষের জীবনযাত্রার মান উন্নয়নে সরকার নানা পদক্ষেপ গ্রহণ করেছে এবং এসব কর্মসূচি বাস্তবায়নে সংশ্লিষ্ট সকলকে আন্তরিকভাবে কাজ করতে হবে। তারা আরও বলেন শিক্ষা স্বাস্থ্য ও যোগাযোগ ব্যবস্থার উন্নয়নের মাধ্যমে দেশ এগিয়ে যাচ্ছে এবং আগামী দিনে এই ধারা অব্যাহত থাকবে। স্থানীয় প্রশাসন জানিয়েছে বিষয়টি তদন্ত করা হচ্ছে এবং প্রয়োজনীয় ব্যবস্থা নেওয়া হবে। অনুষ্ঠানে বক্তারা বলেন দেশের সাধারণ মানুষের জীবনযাত্রার মান উন্নয়নে সরকার নানা পদক্ষেপ গ্রহণ করেছে এবং এসব কর্মসূচি বাস্তবায়নে সংশ্লিষ্ট সকলকে আন্তরিকভাবে কাজ করতে হবে। তারা আরও বলেন শিক্ষা স্বাস্থ্য ও যোগাযোগ ব্যবস্থার উন্নয়নের মাধ্যমে দেশ এগিয়ে যাচ্ছে এবং আগামী দিনে এই ধারা অব্যাহত থাকবে। স্থানীয় প্রশাসন জানিয়েছে বিষয়টি তদন্ত করা হচ্ছে এবং প্রয়োজনীয় ব্যবস্থা নেওয়া হবে। অনুষ্ঠানে বক্তারা বলেন দেশের সাধারণ মানুষের জীবনযাত্রার মান উন্নয়নে সরকার নানা পদক্ষেপ গ্রহণ করেছে এবং এসব কর্মসূচি বাস্তবায়নে সংশ্লিষ্ট সকলকে আন্তরিকভাবে কাজ করতে হবে। তারা আরও বলেন শিক্ষা স্বাস্থ্য ও যোগাযোগ ব্যবস্থার উন্নয়নের মাধ্যমে দেশ এগিয়ে যাচ্ছে এবং আগামী দিনে এই ধারা অব্যাহত থাকবে। স্থানীয় প্রশাসন জানিয়েছে বিষয়টি তদন্ত করা হচ্ছে এবং প্রয়োজনীয় ব্যবস্থা নেওয়া হবে। অনুষ্ঠানে বক্তারা বলেন দেশের সাধারণ মানুষের জীবনযাত্রার মান উন্নয়নে সরকার নানা পদক্ষেপ গ্রহণ করেছে এবং এসব কর্মসূচি বাস্তবায়নে সংশ্লিষ্ট সকলকে আন্তরিকভাবে কাজ করতে হবে। তারা আরও বলেন শিক্ষা স্বাস্থ্য ও যোগাযোগ ব্যবস্থার উন্নয়নের মাধ্যমে দেশ এগিয়ে যাচ্ছে এবং আগামী দিনে এই ধারা অব্যাহত থাকবে। স্থানীয় প্রশাসন জানিয়েছে বিষয়টি তদন্ত করা হচ্ছে এবং প্রয়োজনীয় ব্যবস্থা নেওয়া হবে। অনুষ্ঠানে বক্তারা বলেন দ
